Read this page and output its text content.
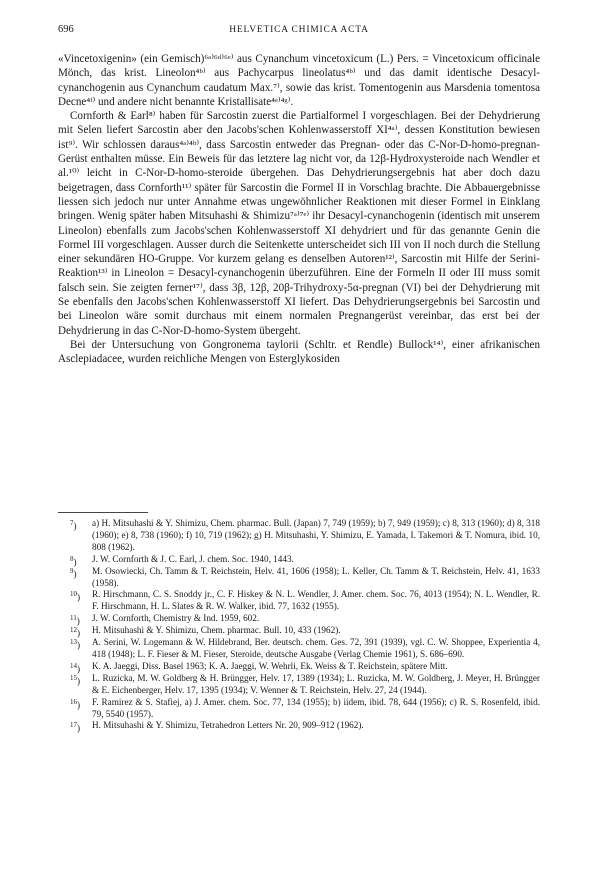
696	HELVETICA CHIMICA ACTA

«Vincetoxigenin» (ein Gemisch)⁶ᵃ⁾⁶ᵈ⁾⁶ᵉ⁾ aus Cynanchum vincetoxicum (L.) Pers. = Vincetoxicum officinale Mönch, das krist. Lineolon⁴ᵇ⁾ aus Pachycarpus lineolatus⁴ᵇ⁾ und das damit identische Desacyl-cynanchogenin aus Cynanchum caudatum Max.⁷⁾, sowie das krist. Tomentogenin aus Marsdenia tomentosa Decne⁴ᶠ⁾ und andere nicht benannte Kristallisate⁴ᵉ⁾⁴ᵍ⁾.

Cornforth & Earl⁸⁾ haben für Sarcostin zuerst die Partialformel I vorgeschlagen. Bei der Dehydrierung mit Selen liefert Sarcostin aber den Jacobs'schen Kohlenwasserstoff XI⁴ᵃ⁾, dessen Konstitution bewiesen ist⁹⁾. Wir schlossen daraus⁴ᵃ⁾⁴ᵇ⁾, dass Sarcostin entweder das Pregnan- oder das C-Nor-D-homo-pregnan-Gerüst enthalten müsse. Ein Beweis für das letztere lag nicht vor, da 12β-Hydroxysteroide nach Wendler et al.¹⁰⁾ leicht in C-Nor-D-homo-steroide übergehen. Das Dehydrierungsergebnis hat aber doch dazu beigetragen, dass Cornforth¹¹⁾ später für Sarcostin die Formel II in Vorschlag brachte. Die Abbauergebnisse liessen sich jedoch nur unter Annahme etwas ungewöhnlicher Reaktionen mit dieser Formel in Einklang bringen. Wenig später haben Mitsuhashi & Shimizu⁷ᵃ⁾⁷ᵉ⁾ ihr Desacyl-cynanchogenin (identisch mit unserem Lineolon) ebenfalls zum Jacobs'schen Kohlenwasserstoff XI dehydriert und für das genannte Genin die Formel III vorgeschlagen. Ausser durch die Seitenkette unterscheidet sich III von II noch durch die Stellung einer sekundären HO-Gruppe. Vor kurzem gelang es denselben Autoren¹²⁾, Sarcostin mit Hilfe der Serini-Reaktion¹³⁾ in Lineolon = Desacyl-cynanchogenin überzuführen. Eine der Formeln II oder III muss somit falsch sein. Sie zeigten ferner¹⁷⁾, dass 3β, 12β, 20β-Trihydroxy-5α-pregnan (VI) bei der Dehydrierung mit Se ebenfalls den Jacobs'schen Kohlenwasserstoff XI liefert. Das Dehydrierungsergebnis bei Sarcostin und bei Lineolon wäre somit durchaus mit einem normalen Pregnangerüst vereinbar, das erst bei der Dehydrierung in das C-Nor-D-homo-System übergeht.

Bei der Untersuchung von Gongronema taylorii (Schltr. et Rendle) Bullock¹⁴⁾, einer afrikanischen Asclepiadacee, wurden reichliche Mengen von Esterglykosiden

$^7$) a) H. Mitsuhashi & Y. Shimizu, Chem. pharmac. Bull. (Japan) 7, 749 (1959); b) 7, 949 (1959); c) 8, 313 (1960); d) 8, 318 (1960); e) 8, 738 (1960); f) 10, 719 (1962); g) H. Mitsuhashi, Y. Shimizu, E. Yamada, I. Takemori & T. Nomura, ibid. 10, 808 (1962).
$^8$) J. W. Cornforth & J. C. Earl, J. chem. Soc. 1940, 1443.
$^9$) M. Osowiecki, Ch. Tamm & T. Reichstein, Helv. 41, 1606 (1958); L. Keller, Ch. Tamm & T. Reichstein, Helv. 41, 1633 (1958).
$^{10}$) R. Hirschmann, C. S. Snoddy jr., C. F. Hiskey & N. L. Wendler, J. Amer. chem. Soc. 76, 4013 (1954); N. L. Wendler, R. F. Hirschmann, H. L. Slates & R. W. Walker, ibid. 77, 1632 (1955).
$^{11}$) J. W. Cornforth, Chemistry & Ind. 1959, 602.
$^{12}$) H. Mitsuhashi & Y. Shimizu, Chem. pharmac. Bull. 10, 433 (1962).
$^{13}$) A. Serini, W. Logemann & W. Hildebrand, Ber. deutsch. chem. Ges. 72, 391 (1939), vgl. C. W. Shoppee, Experientia 4, 418 (1948); L. F. Fieser & M. Fieser, Steroide, deutsche Ausgabe (Verlag Chemie 1961), S. 686–690.
$^{14}$) K. A. Jaeggi, Diss. Basel 1963; K. A. Jaeggi, W. Wehrli, Ek. Weiss & T. Reichstein, spätere Mitt.
$^{15}$) L. Ruzicka, M. W. Goldberg & H. Brüngger, Helv. 17, 1389 (1934); L. Ruzicka, M. W. Goldberg, J. Meyer, H. Brüngger & E. Eichenberger, Helv. 17, 1395 (1934); V. Wenner & T. Reichstein, Helv. 27, 24 (1944).
$^{16}$) F. Ramirez & S. Stafiej, a) J. Amer. chem. Soc. 77, 134 (1955); b) iidem, ibid. 78, 644 (1956); c) R. S. Rosenfeld, ibid. 79, 5540 (1957).
$^{17}$) H. Mitsuhashi & Y. Shimizu, Tetrahedron Letters Nr. 20, 909–912 (1962).
